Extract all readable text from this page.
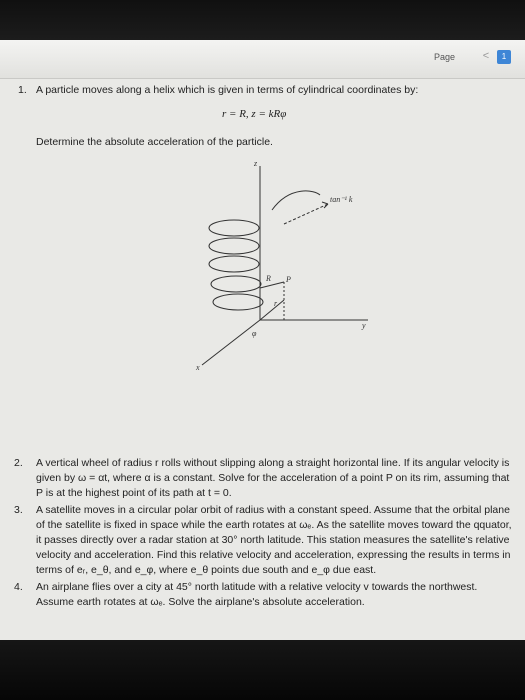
Page	<	1
1. A particle moves along a helix which is given in terms of cylindrical coordinates by:
r = R, z = kRφ
Determine the absolute acceleration of the particle.
z
y
x
tan⁻¹ k
R P
r
φ
2. A vertical wheel of radius r rolls without slipping along a straight horizontal line. If its angular velocity is given by ω = αt, where α is a constant. Solve for the acceleration of a point P on its rim, assuming that P is at the highest point of its path at t = 0.
3. A satellite moves in a circular polar orbit of radius with a constant speed. Assume that the orbital plane of the satellite is fixed in space while the earth rotates at ωₑ. As the satellite moves toward the qquator, it passes directly over a radar station at 30° north latitude. This station measures the satellite's relative velocity and acceleration. Find this relative velocity and acceleration, expressing the results in terms in terms of eᵣ, e_θ, and e_φ, where e_θ points due south and e_φ due east.
4. An airplane flies over a city at 45° north latitude with a relative velocity v towards the northwest. Assume earth rotates at ωₑ. Solve the airplane's absolute acceleration.
